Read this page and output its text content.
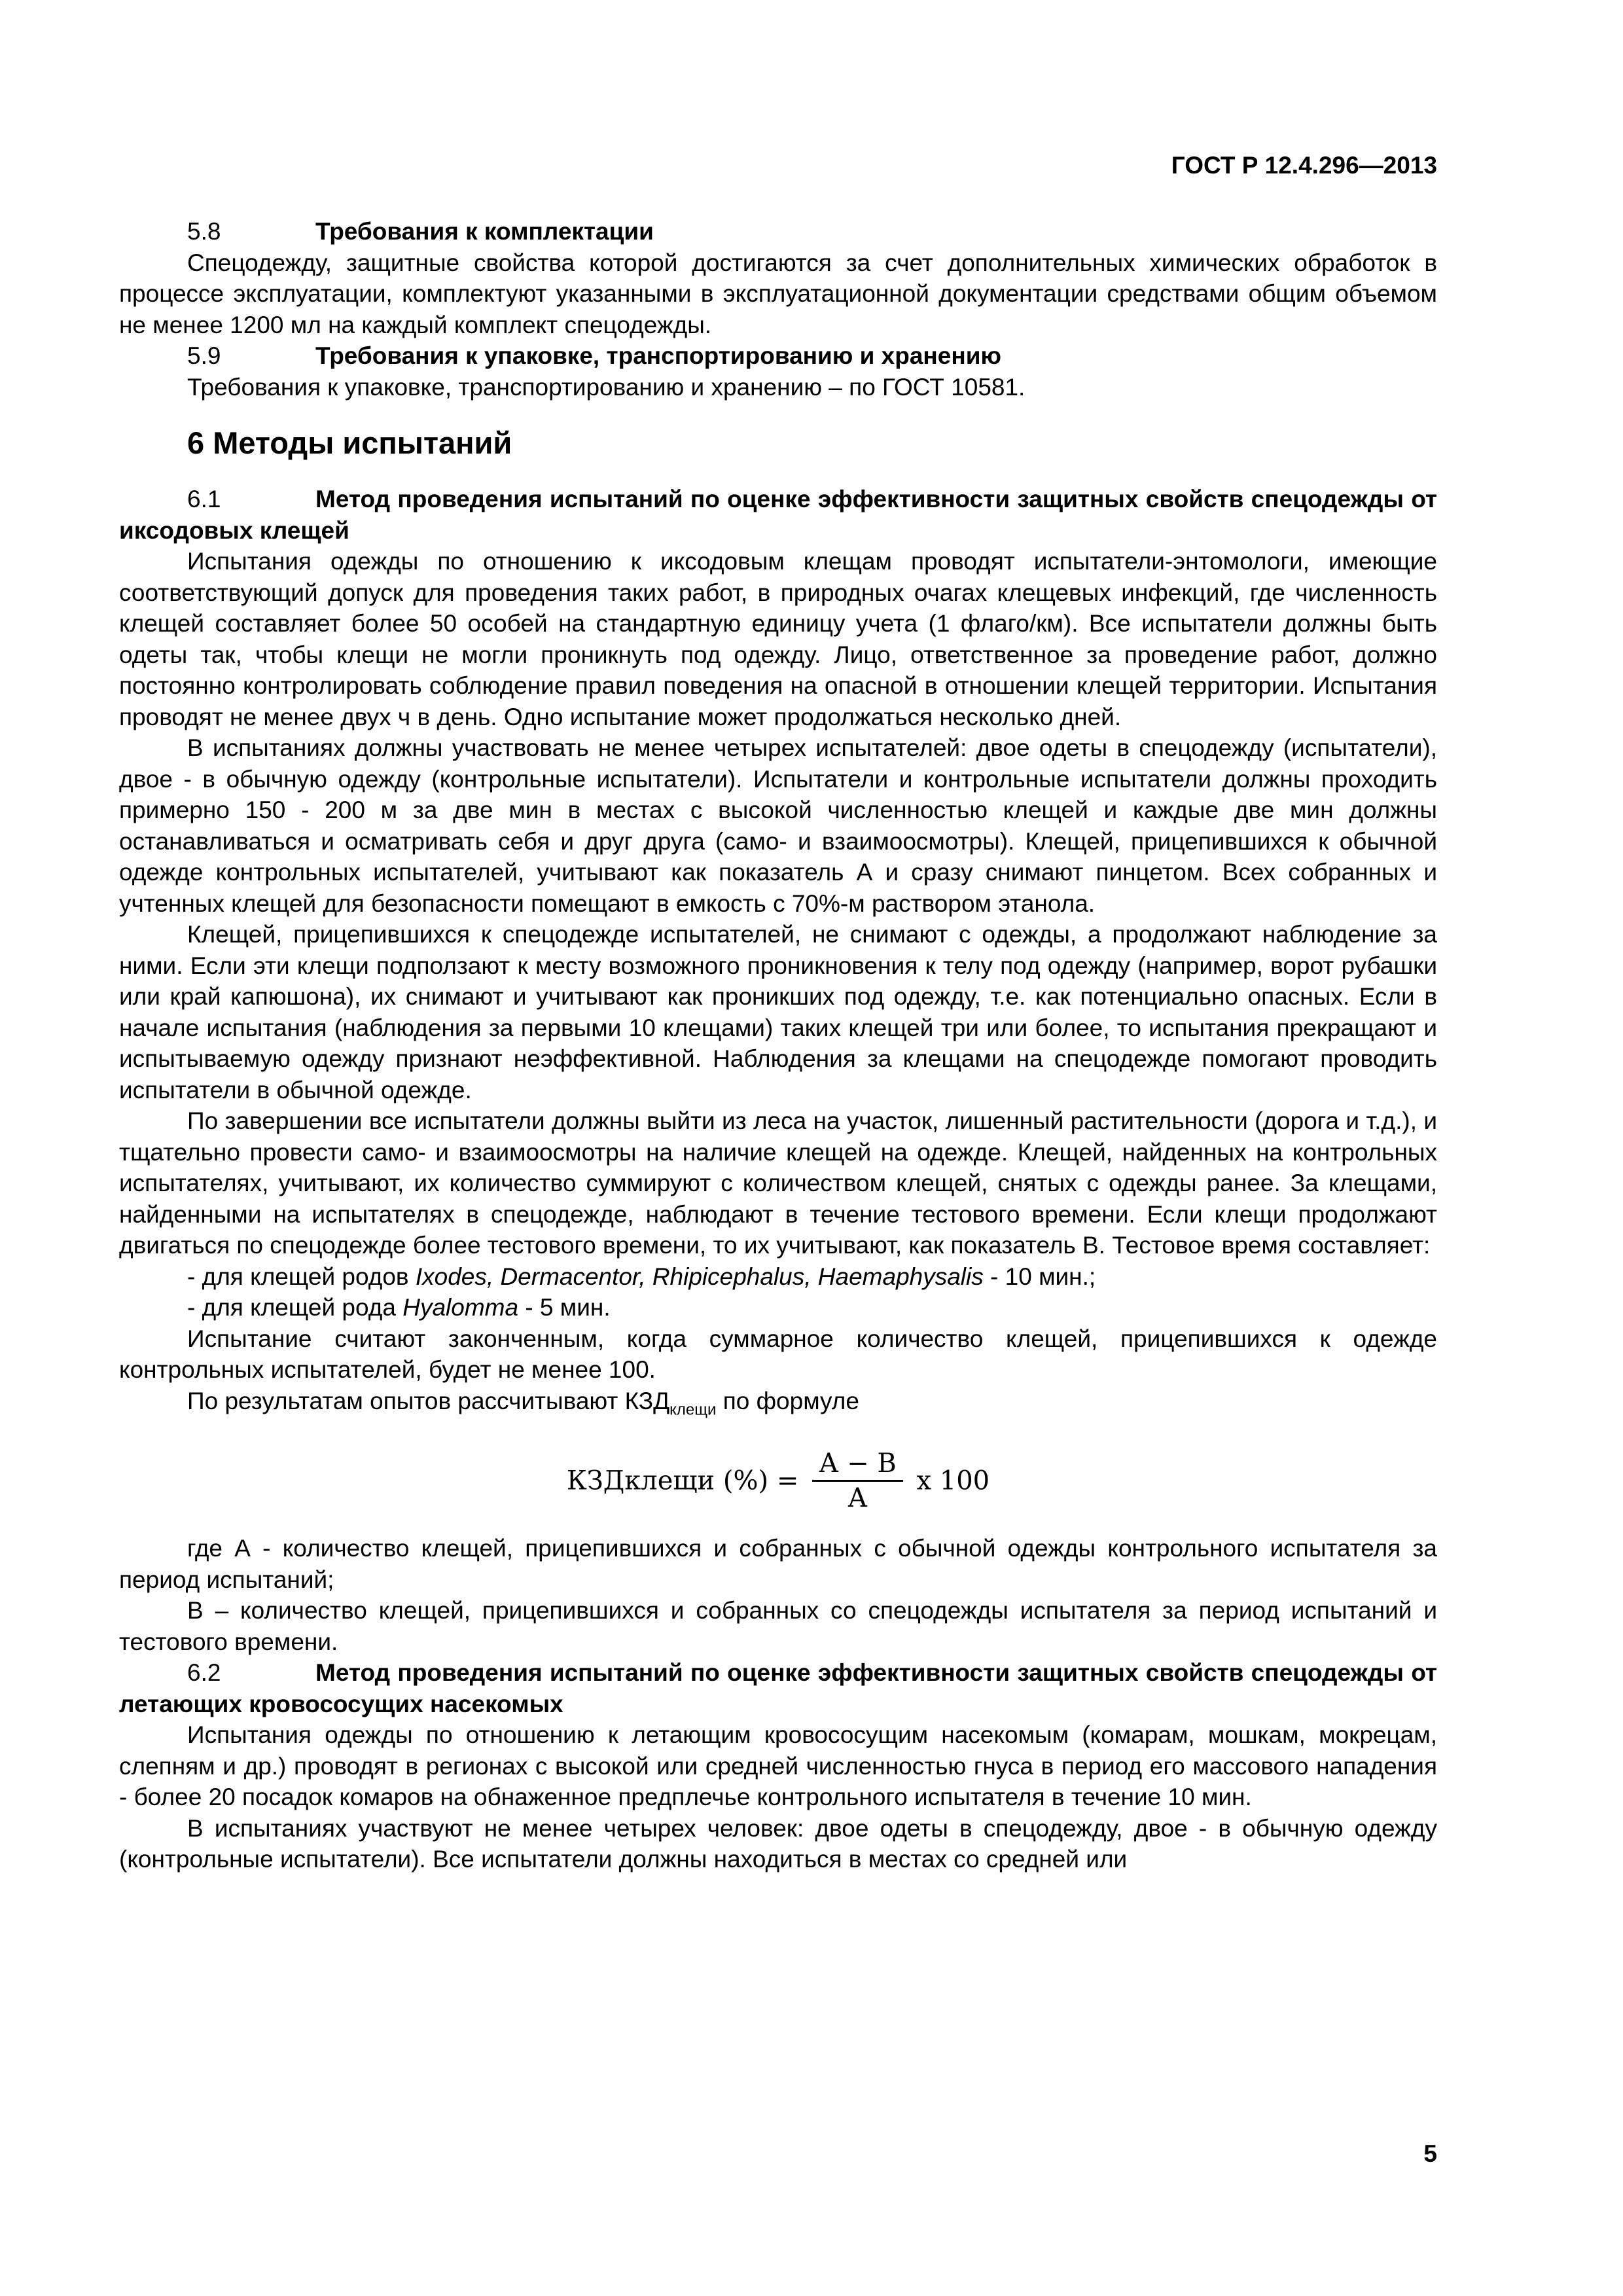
ГОСТ Р 12.4.296—2013
5.8	Требования к комплектации

Спецодежду, защитные свойства которой достигаются за счет дополнительных химических обработок в процессе эксплуатации, комплектуют указанными в эксплуатационной документации средствами общим объемом не менее 1200 мл на каждый комплект спецодежды.

5.9	Требования к упаковке, транспортированию и хранению

Требования к упаковке, транспортированию и хранению – по ГОСТ 10581.

6 Методы испытаний

6.1	Метод проведения испытаний по оценке эффективности защитных свойств спецодежды от иксодовых клещей

Испытания одежды по отношению к иксодовым клещам проводят испытатели-энтомологи, имеющие соответствующий допуск для проведения таких работ, в природных очагах клещевых инфекций, где численность клещей составляет более 50 особей на стандартную единицу учета (1 флаго/км). Все испытатели должны быть одеты так, чтобы клещи не могли проникнуть под одежду. Лицо, ответственное за проведение работ, должно постоянно контролировать соблюдение правил поведения на опасной в отношении клещей территории. Испытания проводят не менее двух ч в день. Одно испытание может продолжаться несколько дней.

В испытаниях должны участвовать не менее четырех испытателей: двое одеты в спецодежду (испытатели), двое - в обычную одежду (контрольные испытатели). Испытатели и контрольные испытатели должны проходить примерно 150 - 200 м за две мин в местах с высокой численностью клещей и каждые две мин должны останавливаться и осматривать себя и друг друга (само- и взаимоосмотры). Клещей, прицепившихся к обычной одежде контрольных испытателей, учитывают как показатель А и сразу снимают пинцетом. Всех собранных и учтенных клещей для безопасности помещают в емкость с 70%-м раствором этанола.

Клещей, прицепившихся к спецодежде испытателей, не снимают с одежды, а продолжают наблюдение за ними. Если эти клещи подползают к месту возможного проникновения к телу под одежду (например, ворот рубашки или край капюшона), их снимают и учитывают как проникших под одежду, т.е. как потенциально опасных. Если в начале испытания (наблюдения за первыми 10 клещами) таких клещей три или более, то испытания прекращают и испытываемую одежду признают неэффективной. Наблюдения за клещами на спецодежде помогают проводить испытатели в обычной одежде.

По завершении все испытатели должны выйти из леса на участок, лишенный растительности (дорога и т.д.), и тщательно провести само- и взаимоосмотры на наличие клещей на одежде. Клещей, найденных на контрольных испытателях, учитывают, их количество суммируют с количеством клещей, снятых с одежды ранее. За клещами, найденными на испытателях в спецодежде, наблюдают в течение тестового времени. Если клещи продолжают двигаться по спецодежде более тестового времени, то их учитывают, как показатель В. Тестовое время составляет:

- для клещей родов Ixodes, Dermacentor, Rhipicephalus, Haemaphysalis - 10 мин.;

- для клещей рода Hyalomma - 5 мин.

Испытание считают законченным, когда суммарное количество клещей, прицепившихся к одежде контрольных испытателей, будет не менее 100.

По результатам опытов рассчитывают $КЗД_{клещи}$ по формуле

КЗДклещи (%) = $\frac{А - В}{А}$ х 100

где А - количество клещей, прицепившихся и собранных с обычной одежды контрольного испытателя за период испытаний;

В – количество клещей, прицепившихся и собранных со спецодежды испытателя за период испытаний и тестового времени.

6.2	Метод проведения испытаний по оценке эффективности защитных свойств спецодежды от летающих кровососущих насекомых

Испытания одежды по отношению к летающим кровососущим насекомым (комарам, мошкам, мокрецам, слепням и др.) проводят в регионах с высокой или средней численностью гнуса в период его массового нападения - более 20 посадок комаров на обнаженное предплечье контрольного испытателя в течение 10 мин.

В испытаниях участвуют не менее четырех человек: двое одеты в спецодежду, двое - в обычную одежду (контрольные испытатели). Все испытатели должны находиться в местах со средней или

5
